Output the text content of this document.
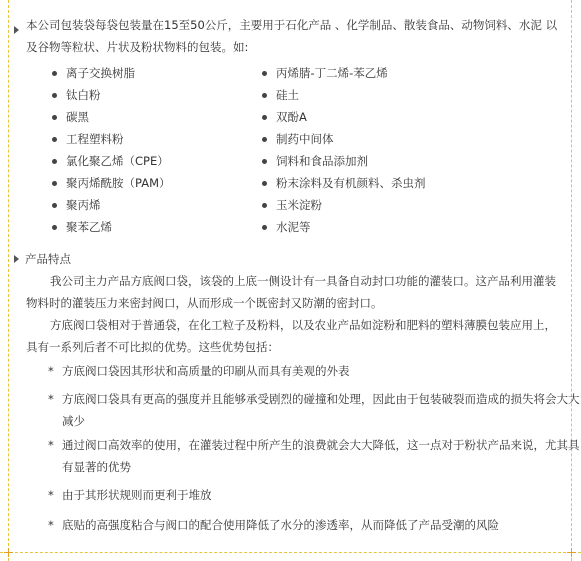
本公司包装袋每袋包装量在15至50公斤，主要用于石化产品 、化学制品、散装食品、动物饲料、水泥 以及谷物等粒状、片状及粉状物料的包装。如:
离子交换树脂
钛白粉
碳黑
工程塑料粉
氯化聚乙烯（CPE）
聚丙烯酰胺（PAM）
聚丙烯
聚苯乙烯
丙烯腈-丁二烯-苯乙烯
硅土
双酚A
制药中间体
饲料和食品添加剂
粉末涂料及有机颜料、杀虫剂
玉米淀粉
水泥等
产品特点
我公司主力产品方底阀口袋，该袋的上底一侧设计有一具备自动封口功能的灌装口。这产品利用灌装物料时的灌装压力来密封阀口，从而形成一个既密封又防潮的密封口。
方底阀口袋相对于普通袋，在化工粒子及粉料，以及农业产品如淀粉和肥料的塑料薄膜包装应用上，具有一系列后者不可比拟的优势。这些优势包括：
* 方底阀口袋因其形状和高质量的印刷从而具有美观的外表
* 方底阀口袋具有更高的强度并且能够承受剧烈的碰撞和处理，因此由于包装破裂而造成的损失将会大大减少
* 通过阀口高效率的使用，在灌装过程中所产生的浪费就会大大降低，这一点对于粉状产品来说，尤其具有显著的优势
* 由于其形状规则而更利于堆放
* 底贴的高强度粘合与阀口的配合使用降低了水分的渗透率，从而降低了产品受潮的风险
